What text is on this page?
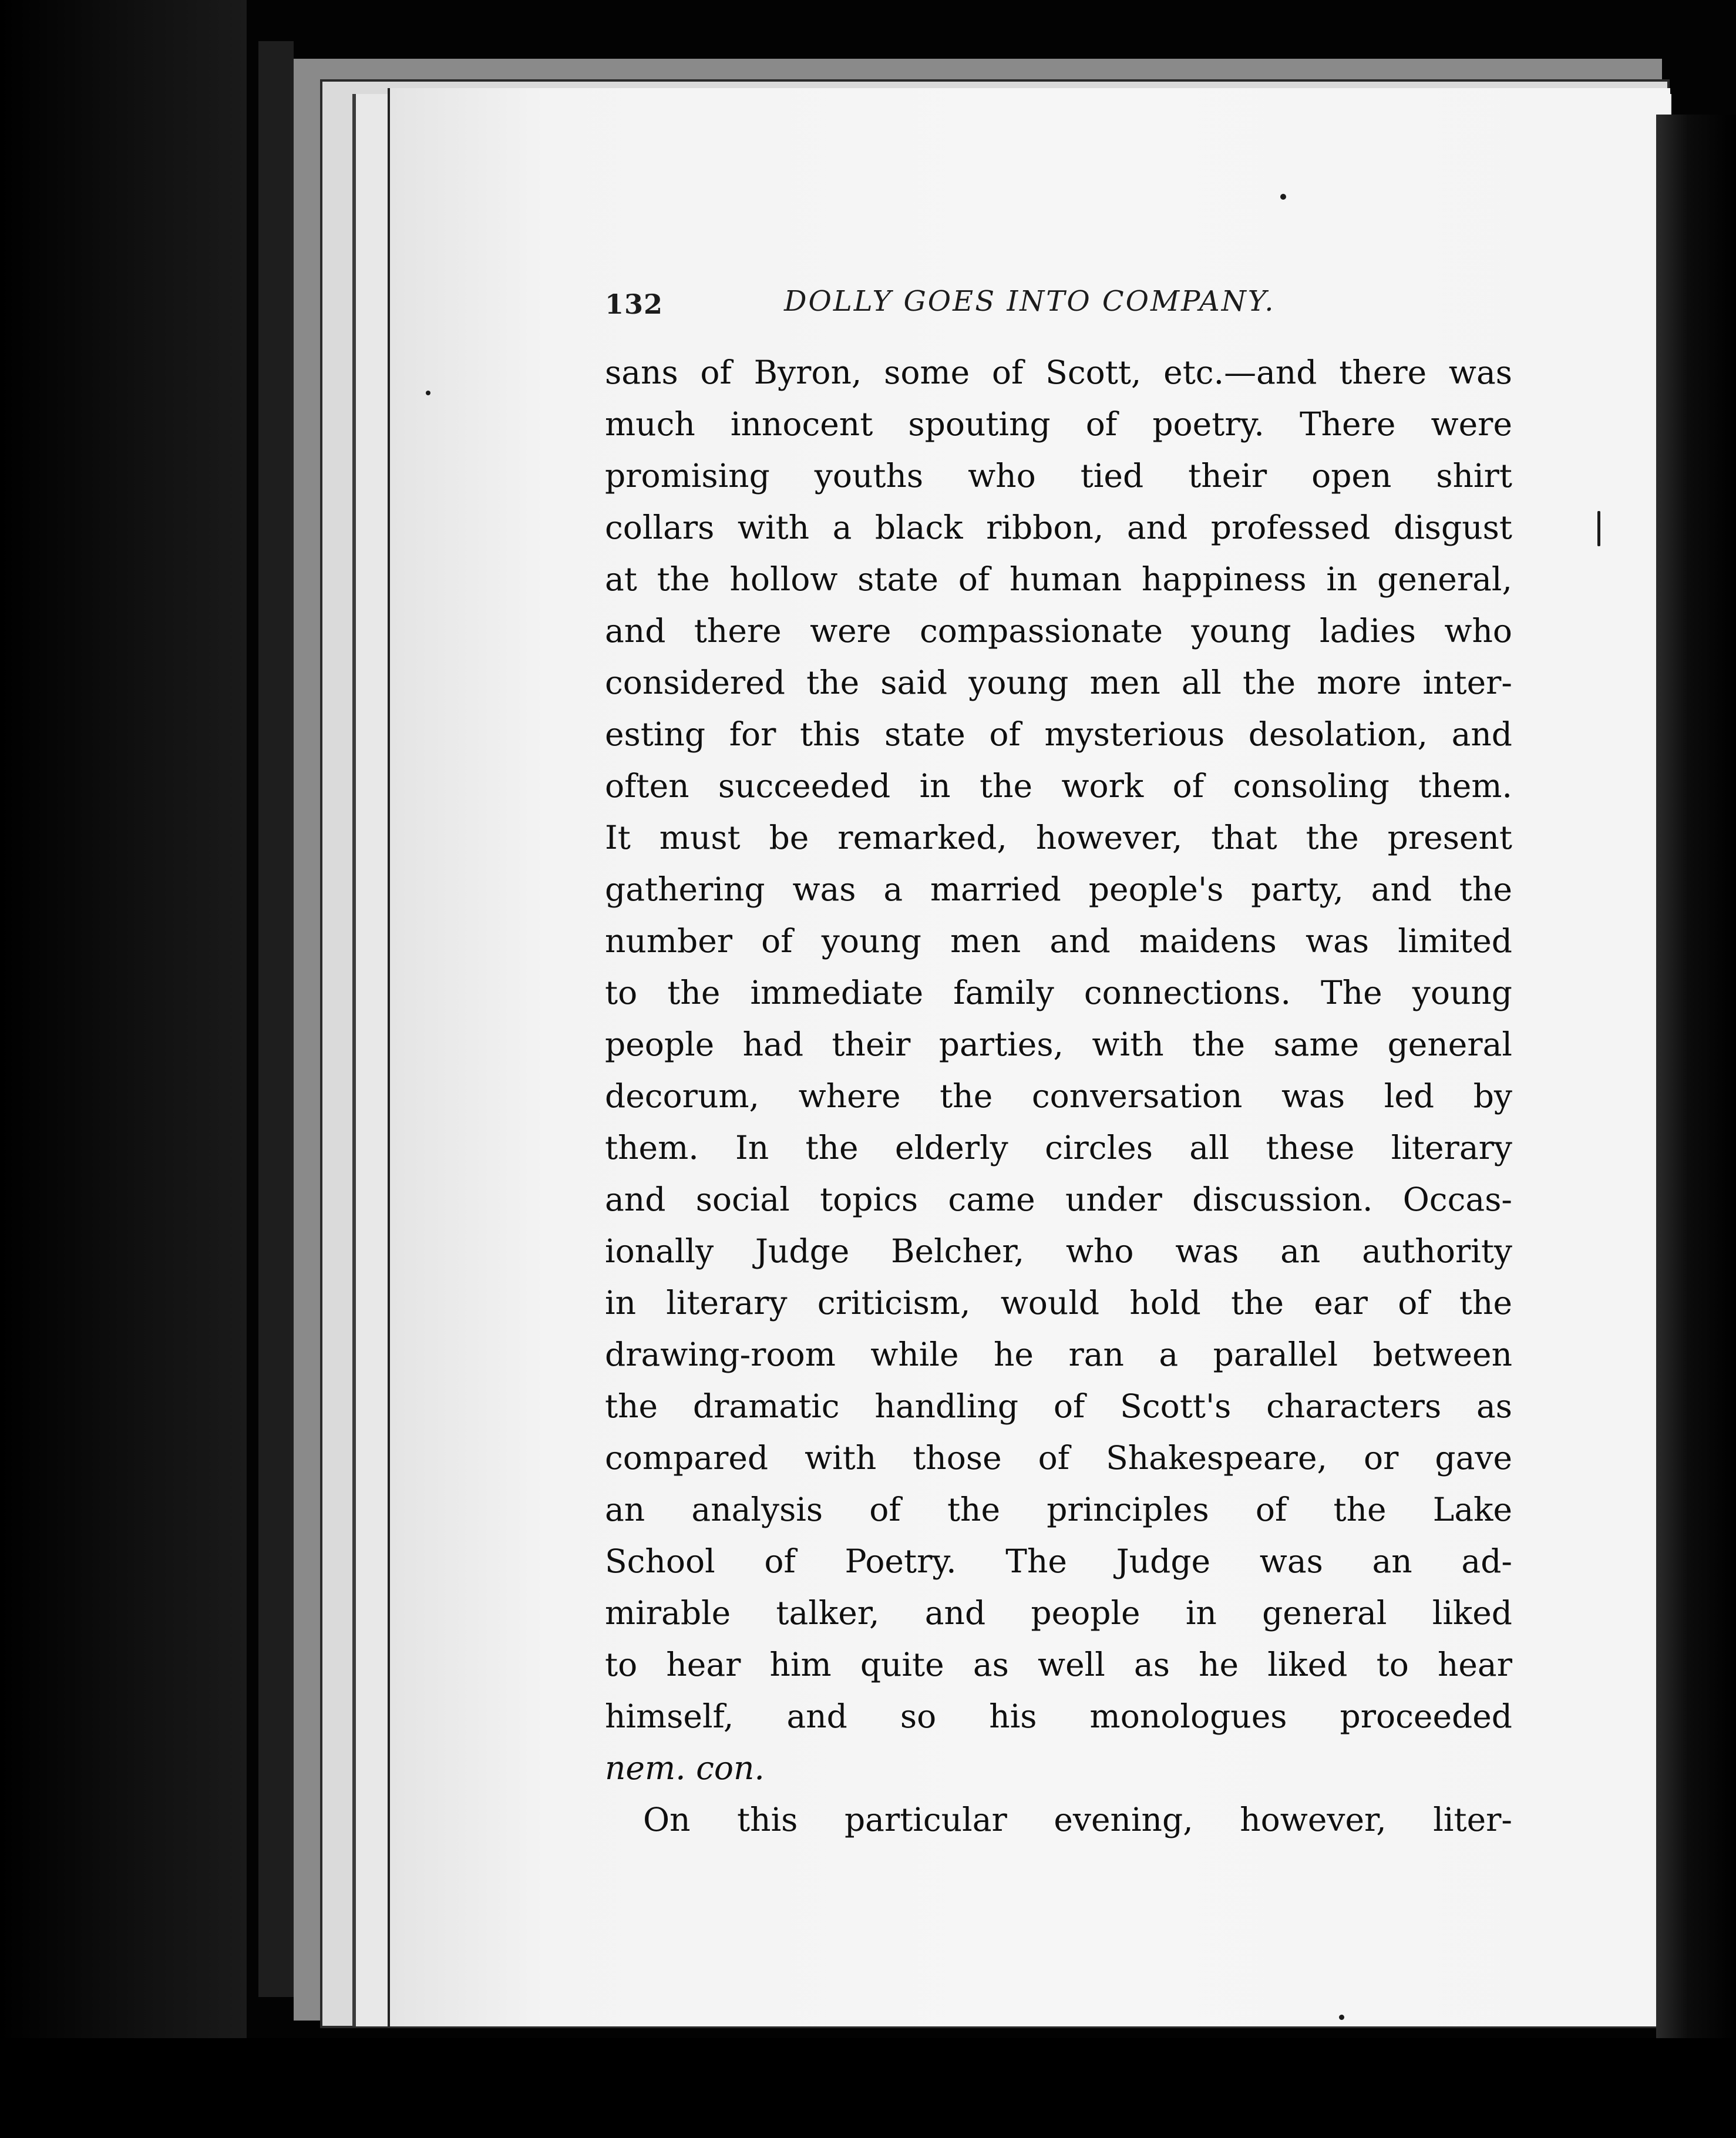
132	DOLLY GOES INTO COMPANY.
sans of Byron, some of Scott, etc.—and there was
much innocent spouting of poetry. There were
promising youths who tied their open shirt
collars with a black ribbon, and professed disgust
at the hollow state of human happiness in general,
and there were compassionate young ladies who
considered the said young men all the more inter-
esting for this state of mysterious desolation, and
often succeeded in the work of consoling them.
It must be remarked, however, that the present
gathering was a married people's party, and the
number of young men and maidens was limited
to the immediate family connections. The young
people had their parties, with the same general
decorum, where the conversation was led by
them. In the elderly circles all these literary
and social topics came under discussion. Occas-
ionally Judge Belcher, who was an authority
in literary criticism, would hold the ear of the
drawing-room while he ran a parallel between
the dramatic handling of Scott's characters as
compared with those of Shakespeare, or gave
an analysis of the principles of the Lake
School of Poetry. The Judge was an ad-
mirable talker, and people in general liked
to hear him quite as well as he liked to hear
himself, and so his monologues proceeded
nem. con.
On this particular evening, however, liter-
